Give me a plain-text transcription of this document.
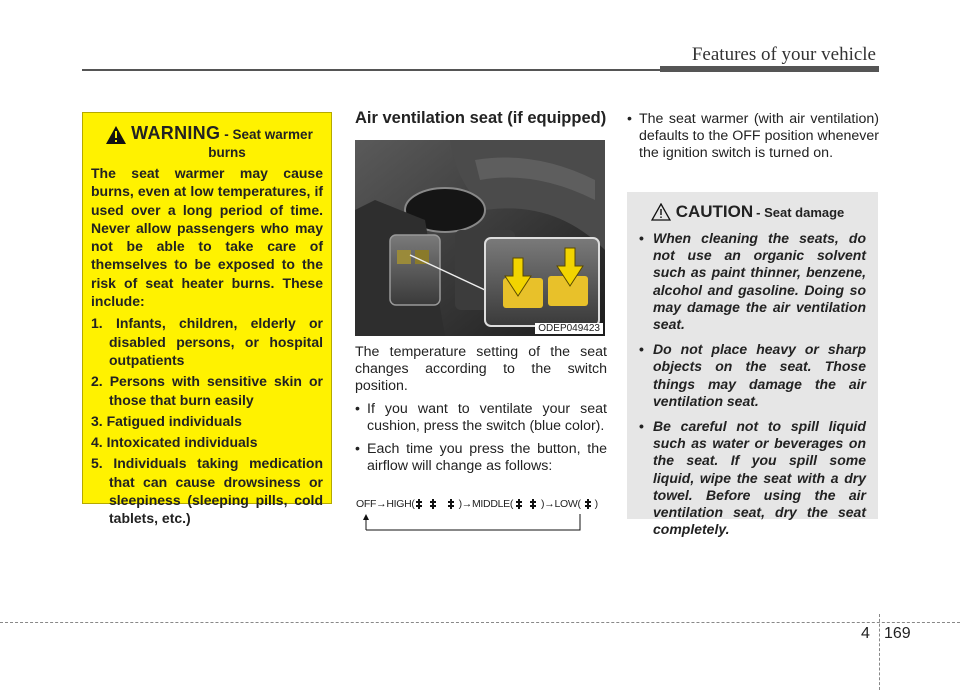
Features of your vehicle
WARNING - Seat warmer
burns
The seat warmer may cause burns, even at low temperatures, if used over a long period of time. Never allow passengers who may not be able to take care of themselves to be exposed to the risk of seat heater burns. These include:
1. Infants, children, elderly or disabled persons, or hospital outpatients
2. Persons with sensitive skin or those that burn easily
3. Fatigued individuals
4. Intoxicated individuals
5. Individuals taking medication that can cause drowsiness or sleepiness (sleeping pills, cold tablets, etc.)
Air ventilation seat (if equipped)
ODEP049423

The temperature setting of the seat changes according to the switch position.

• If you want to ventilate your seat cushion, press the switch (blue color).
• Each time you press the button, the airflow will change as follows:
OFF → HIGH(	) → MIDDLE(	) → LOW( )
• The seat warmer (with air ventilation) defaults to the OFF position whenever the ignition switch is turned on.
CAUTION - Seat damage
• When cleaning the seats, do not use an organic solvent such as paint thinner, benzene, alcohol and gasoline. Doing so may damage the air ventilation seat.
• Do not place heavy or sharp objects on the seat. Those things may damage the air ventilation seat.
• Be careful not to spill liquid such as water or beverages on the seat. If you spill some liquid, wipe the seat with a dry towel. Before using the air ventilation seat, dry the seat completely.
4 169
